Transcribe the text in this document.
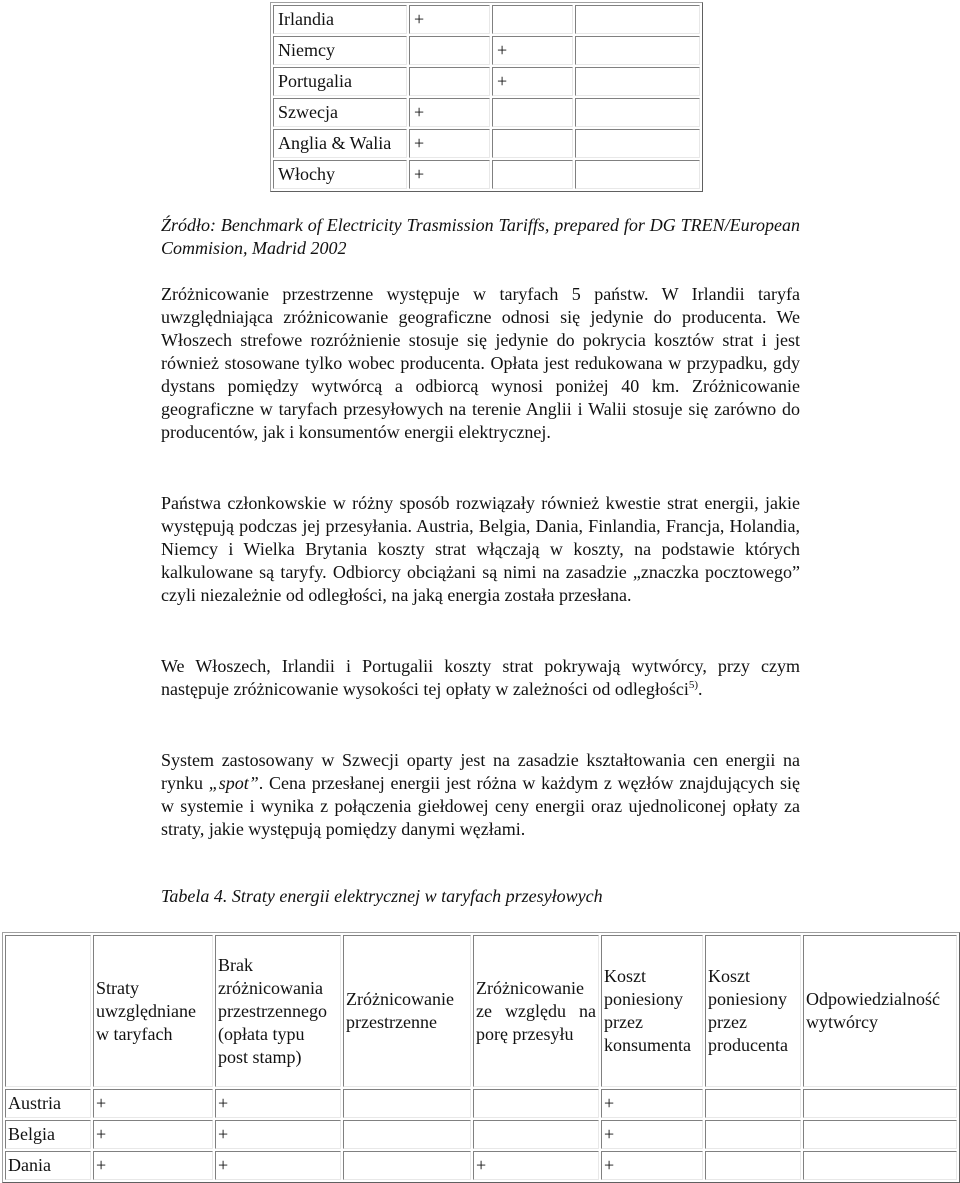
Irlandia	+		
Niemcy		+	
Portugalia		+	
Szwecja	+		
Anglia & Walia	+		
Włochy	+		
Źródło: Benchmark of Electricity Trasmission Tariffs, prepared for DG TREN/European Commision, Madrid 2002
Zróżnicowanie przestrzenne występuje w taryfach 5 państw. W Irlandii taryfa uwzględniająca zróżnicowanie geograficzne odnosi się jedynie do producenta. We Włoszech strefowe rozróżnienie stosuje się jedynie do pokrycia kosztów strat i jest również stosowane tylko wobec producenta. Opłata jest redukowana w przypadku, gdy dystans pomiędzy wytwórcą a odbiorcą wynosi poniżej 40 km. Zróżnicowanie geograficzne w taryfach przesyłowych na terenie Anglii i Walii stosuje się zarówno do producentów, jak i konsumentów energii elektrycznej.
Państwa członkowskie w różny sposób rozwiązały również kwestie strat energii, jakie występują podczas jej przesyłania. Austria, Belgia, Dania, Finlandia, Francja, Holandia, Niemcy i Wielka Brytania koszty strat włączają w koszty, na podstawie których kalkulowane są taryfy. Odbiorcy obciążani są nimi na zasadzie „znaczka pocztowego” czyli niezależnie od odległości, na jaką energia została przesłana.
We Włoszech, Irlandii i Portugalii koszty strat pokrywają wytwórcy, przy czym następuje zróżnicowanie wysokości tej opłaty w zależności od odległości$^{5)}$.
System zastosowany w Szwecji oparty jest na zasadzie kształtowania cen energii na rynku „spot”. Cena przesłanej energii jest różna w każdym z węzłów znajdujących się w systemie i wynika z połączenia giełdowej ceny energii oraz ujednoliconej opłaty za straty, jakie występują pomiędzy danymi węzłami.
Tabela 4. Straty energii elektrycznej w taryfach przesyłowych
	Straty uwzględniane w taryfach	Brak zróżnicowania przestrzennego (opłata typu post stamp)	Zróżnicowanie przestrzenne	Zróżnicowanie ze względu na porę przesyłu	Koszt poniesiony przez konsumenta	Koszt poniesiony przez producenta	Odpowiedzialność wytwórcy
Austria	+	+			+		
Belgia	+	+			+		
Dania	+	+		+	+		
